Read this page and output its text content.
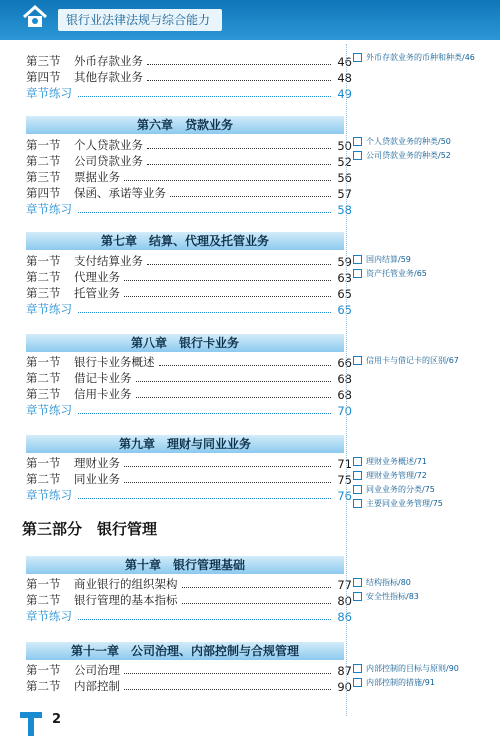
银行业法律法规与综合能力
第三节	外币存款业务	46
第四节	其他存款业务	48
章节练习	49
第六章　贷款业务
第一节	个人贷款业务	50
第二节	公司贷款业务	52
第三节	票据业务	56
第四节	保函、承诺等业务	57
章节练习	58
第七章　结算、代理及托管业务
第一节	支付结算业务	59
第二节	代理业务	63
第三节	托管业务	65
章节练习	65
第八章　银行卡业务
第一节	银行卡业务概述	66
第二节	借记卡业务	68
第三节	信用卡业务	68
章节练习	70
第九章　理财与同业业务
第一节	理财业务	71
第二节	同业业务	75
章节练习	76
第三部分　银行管理
第十章　银行管理基础
第一节	商业银行的组织架构	77
第二节	银行管理的基本指标	80
章节练习	86
第十一章　公司治理、内部控制与合规管理
第一节	公司治理	87
第二节	内部控制	90
外币存款业务的币种和种类/46
个人贷款业务的种类/50
公司贷款业务的种类/52
国内结算/59
资产托管业务/65
信用卡与借记卡的区别/67
理财业务概述/71
理财业务管理/72
同业业务的分类/75
主要同业业务管理/75
结构指标/80
安全性指标/83
内部控制的目标与原则/90
内部控制的措施/91
2
